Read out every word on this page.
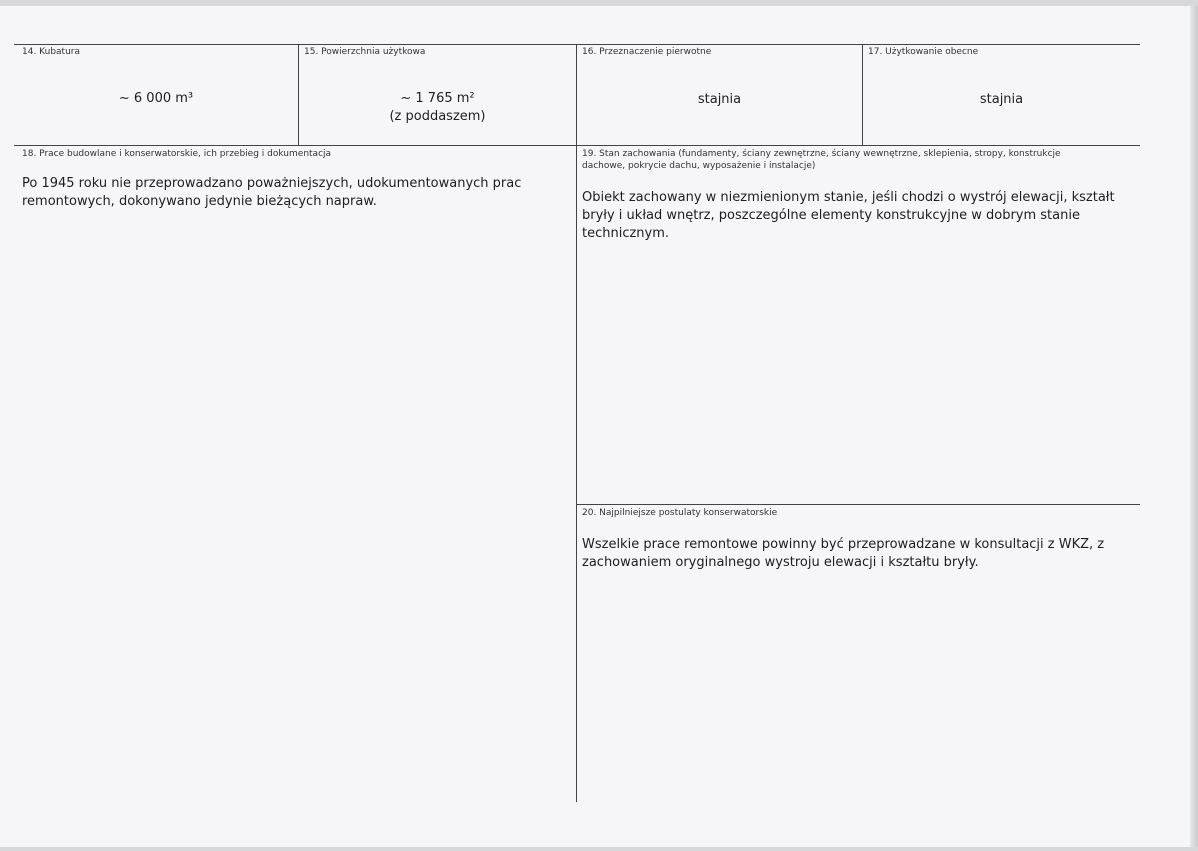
14. Kubatura
~ 6 000 m³
15. Powierzchnia użytkowa
~ 1 765 m²
(z poddaszem)
16. Przeznaczenie pierwotne
stajnia
17. Użytkowanie obecne
stajnia
18. Prace budowlane i konserwatorskie, ich przebieg i dokumentacja
Po 1945 roku nie przeprowadzano poważniejszych, udokumentowanych prac remontowych, dokonywano jedynie bieżących napraw.
19. Stan zachowania (fundamenty, ściany zewnętrzne, ściany wewnętrzne, sklepienia, stropy, konstrukcje dachowe, pokrycie dachu, wyposażenie i instalacje)
Obiekt zachowany w niezmienionym stanie, jeśli chodzi o wystrój elewacji, kształt bryły i układ wnętrz, poszczególne elementy konstrukcyjne w dobrym stanie technicznym.
20. Najpilniejsze postulaty konserwatorskie
Wszelkie prace remontowe powinny być przeprowadzane w konsultacji z WKZ, z zachowaniem oryginalnego wystroju elewacji i kształtu bryły.
